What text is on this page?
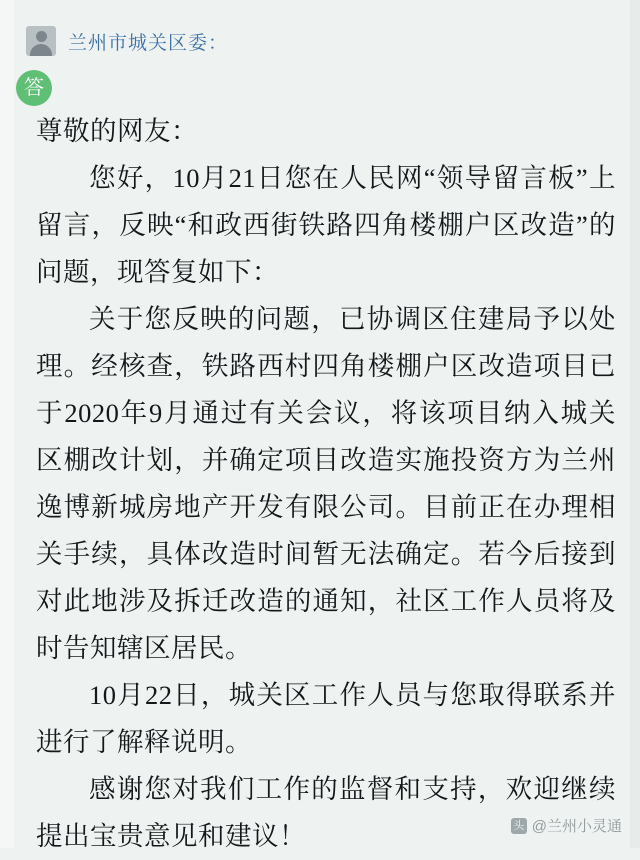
兰州市城关区委：
答

尊敬的网友：

您好，10月21日您在人民网“领导留言板”上留言，反映“和政西街铁路四角楼棚户区改造”的问题，现答复如下：

关于您反映的问题，已协调区住建局予以处理。经核查，铁路西村四角楼棚户区改造项目已于2020年9月通过有关会议，将该项目纳入城关区棚改计划，并确定项目改造实施投资方为兰州逸博新城房地产开发有限公司。目前正在办理相关手续，具体改造时间暂无法确定。若今后接到对此地涉及拆迁改造的通知，社区工作人员将及时告知辖区居民。

10月22日，城关区工作人员与您取得联系并进行了解释说明。

感谢您对我们工作的监督和支持，欢迎继续提出宝贵意见和建议！	头条
@兰州小灵通
